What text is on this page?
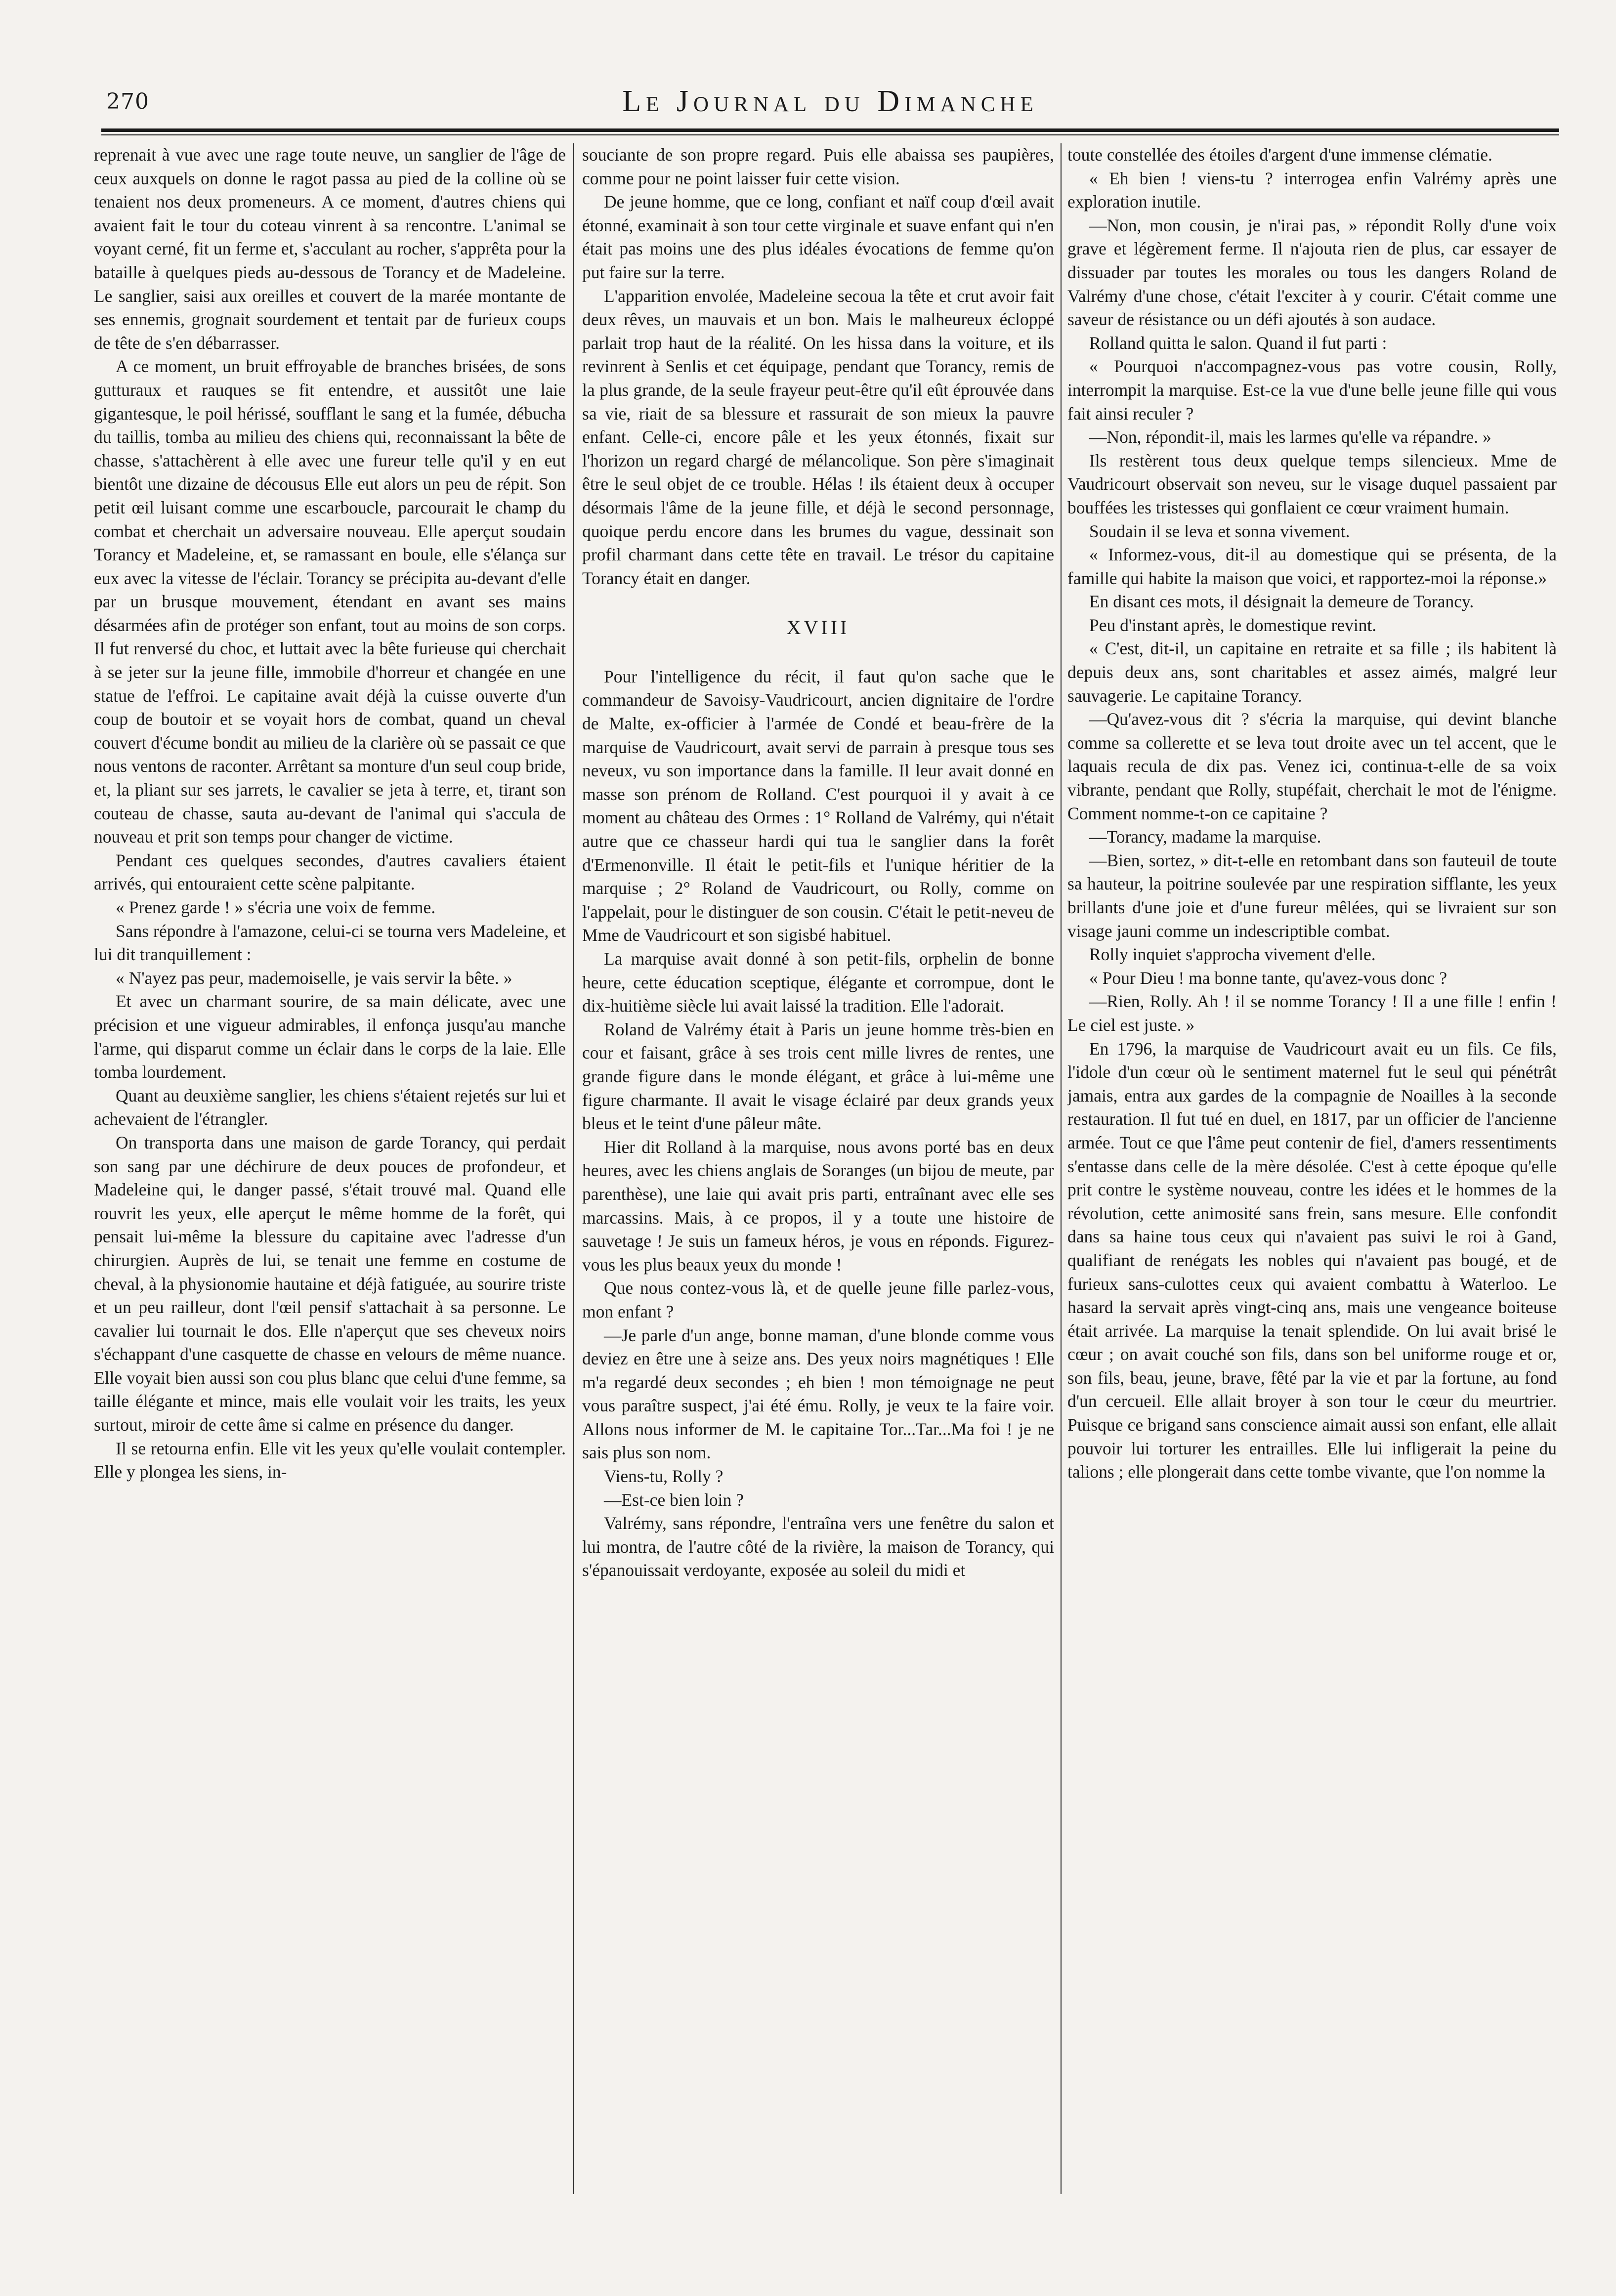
270	Le Journal du Dimanche

reprenait à vue avec une rage toute neuve, un sanglier de l'âge de ceux auxquels on donne le ragot passa au pied de la colline où se tenaient nos deux promeneurs. A ce moment, d'autres chiens qui avaient fait le tour du coteau vinrent à sa rencontre. L'animal se voyant cerné, fit un ferme et, s'acculant au rocher, s'apprêta pour la bataille à quelques pieds au-dessous de Torancy et de Madeleine. Le sanglier, saisi aux oreilles et couvert de la marée montante de ses ennemis, grognait sourdement et tentait par de furieux coups de tête de s'en débarrasser.

A ce moment, un bruit effroyable de branches brisées, de sons gutturaux et rauques se fit entendre, et aussitôt une laie gigantesque, le poil hérissé, soufflant le sang et la fumée, débucha du taillis, tomba au milieu des chiens qui, reconnaissant la bête de chasse, s'attachèrent à elle avec une fureur telle qu'il y en eut bientôt une dizaine de décousus Elle eut alors un peu de répit. Son petit œil luisant comme une escarboucle, parcourait le champ du combat et cherchait un adversaire nouveau. Elle aperçut soudain Torancy et Madeleine, et, se ramassant en boule, elle s'élança sur eux avec la vitesse de l'éclair. Torancy se précipita au-devant d'elle par un brusque mouvement, étendant en avant ses mains désarmées afin de protéger son enfant, tout au moins de son corps. Il fut renversé du choc, et luttait avec la bête furieuse qui cherchait à se jeter sur la jeune fille, immobile d'horreur et changée en une statue de l'effroi. Le capitaine avait déjà la cuisse ouverte d'un coup de boutoir et se voyait hors de combat, quand un cheval couvert d'écume bondit au milieu de la clarière où se passait ce que nous ventons de raconter. Arrêtant sa monture d'un seul coup bride, et, la pliant sur ses jarrets, le cavalier se jeta à terre, et, tirant son couteau de chasse, sauta au-devant de l'animal qui s'accula de nouveau et prit son temps pour changer de victime.

Pendant ces quelques secondes, d'autres cavaliers étaient arrivés, qui entouraient cette scène palpitante.

« Prenez garde ! » s'écria une voix de femme.

Sans répondre à l'amazone, celui-ci se tourna vers Madeleine, et lui dit tranquillement :

« N'ayez pas peur, mademoiselle, je vais servir la bête. »

Et avec un charmant sourire, de sa main délicate, avec une précision et une vigueur admirables, il enfonça jusqu'au manche l'arme, qui disparut comme un éclair dans le corps de la laie. Elle tomba lourdement.

Quant au deuxième sanglier, les chiens s'étaient rejetés sur lui et achevaient de l'étrangler.

On transporta dans une maison de garde Torancy, qui perdait son sang par une déchirure de deux pouces de profondeur, et Madeleine qui, le danger passé, s'était trouvé mal. Quand elle rouvrit les yeux, elle aperçut le même homme de la forêt, qui pensait lui-même la blessure du capitaine avec l'adresse d'un chirurgien. Auprès de lui, se tenait une femme en costume de cheval, à la physionomie hautaine et déjà fatiguée, au sourire triste et un peu railleur, dont l'œil pensif s'attachait à sa personne. Le cavalier lui tournait le dos. Elle n'aperçut que ses cheveux noirs s'échappant d'une casquette de chasse en velours de même nuance. Elle voyait bien aussi son cou plus blanc que celui d'une femme, sa taille élégante et mince, mais elle voulait voir les traits, les yeux surtout, miroir de cette âme si calme en présence du danger.

Il se retourna enfin. Elle vit les yeux qu'elle voulait contempler. Elle y plongea les siens, in-

souciante de son propre regard. Puis elle abaissa ses paupières, comme pour ne point laisser fuir cette vision.

De jeune homme, que ce long, confiant et naïf coup d'œil avait étonné, examinait à son tour cette virginale et suave enfant qui n'en était pas moins une des plus idéales évocations de femme qu'on put faire sur la terre.

L'apparition envolée, Madeleine secoua la tête et crut avoir fait deux rêves, un mauvais et un bon. Mais le malheureux écloppé parlait trop haut de la réalité. On les hissa dans la voiture, et ils revinrent à Senlis et cet équipage, pendant que Torancy, remis de la plus grande, de la seule frayeur peut-être qu'il eût éprouvée dans sa vie, riait de sa blessure et rassurait de son mieux la pauvre enfant. Celle-ci, encore pâle et les yeux étonnés, fixait sur l'horizon un regard chargé de mélancolique. Son père s'imaginait être le seul objet de ce trouble. Hélas ! ils étaient deux à occuper désormais l'âme de la jeune fille, et déjà le second personnage, quoique perdu encore dans les brumes du vague, dessinait son profil charmant dans cette tête en travail. Le trésor du capitaine Torancy était en danger.

XVIII

Pour l'intelligence du récit, il faut qu'on sache que le commandeur de Savoisy-Vaudricourt, ancien dignitaire de l'ordre de Malte, ex-officier à l'armée de Condé et beau-frère de la marquise de Vaudricourt, avait servi de parrain à presque tous ses neveux, vu son importance dans la famille. Il leur avait donné en masse son prénom de Rolland. C'est pourquoi il y avait à ce moment au château des Ormes : 1° Rolland de Valrémy, qui n'était autre que ce chasseur hardi qui tua le sanglier dans la forêt d'Ermenonville. Il était le petit-fils et l'unique héritier de la marquise ; 2° Roland de Vaudricourt, ou Rolly, comme on l'appelait, pour le distinguer de son cousin. C'était le petit-neveu de Mme de Vaudricourt et son sigisbé habituel.

La marquise avait donné à son petit-fils, orphelin de bonne heure, cette éducation sceptique, élégante et corrompue, dont le dix-huitième siècle lui avait laissé la tradition. Elle l'adorait.

Roland de Valrémy était à Paris un jeune homme très-bien en cour et faisant, grâce à ses trois cent mille livres de rentes, une grande figure dans le monde élégant, et grâce à lui-même une figure charmante. Il avait le visage éclairé par deux grands yeux bleus et le teint d'une pâleur mâte.

Hier dit Rolland à la marquise, nous avons porté bas en deux heures, avec les chiens anglais de Soranges (un bijou de meute, par parenthèse), une laie qui avait pris parti, entraînant avec elle ses marcassins. Mais, à ce propos, il y a toute une histoire de sauvetage ! Je suis un fameux héros, je vous en réponds. Figurez-vous les plus beaux yeux du monde !

Que nous contez-vous là, et de quelle jeune fille parlez-vous, mon enfant ?

—Je parle d'un ange, bonne maman, d'une blonde comme vous deviez en être une à seize ans. Des yeux noirs magnétiques ! Elle m'a regardé deux secondes ; eh bien ! mon témoignage ne peut vous paraître suspect, j'ai été ému. Rolly, je veux te la faire voir. Allons nous informer de M. le capitaine Tor...Tar...Ma foi ! je ne sais plus son nom.

Viens-tu, Rolly ?

—Est-ce bien loin ?

Valrémy, sans répondre, l'entraîna vers une fenêtre du salon et lui montra, de l'autre côté de la rivière, la maison de Torancy, qui s'épanouissait verdoyante, exposée au soleil du midi et

toute constellée des étoiles d'argent d'une immense clématie.

« Eh bien ! viens-tu ? interrogea enfin Valrémy après une exploration inutile.

—Non, mon cousin, je n'irai pas, » répondit Rolly d'une voix grave et légèrement ferme. Il n'ajouta rien de plus, car essayer de dissuader par toutes les morales ou tous les dangers Roland de Valrémy d'une chose, c'était l'exciter à y courir. C'était comme une saveur de résistance ou un défi ajoutés à son audace.

Rolland quitta le salon. Quand il fut parti :

« Pourquoi n'accompagnez-vous pas votre cousin, Rolly, interrompit la marquise. Est-ce la vue d'une belle jeune fille qui vous fait ainsi reculer ?

—Non, répondit-il, mais les larmes qu'elle va répandre. »

Ils restèrent tous deux quelque temps silencieux. Mme de Vaudricourt observait son neveu, sur le visage duquel passaient par bouffées les tristesses qui gonflaient ce cœur vraiment humain.

Soudain il se leva et sonna vivement.

« Informez-vous, dit-il au domestique qui se présenta, de la famille qui habite la maison que voici, et rapportez-moi la réponse.»

En disant ces mots, il désignait la demeure de Torancy.

Peu d'instant après, le domestique revint.

« C'est, dit-il, un capitaine en retraite et sa fille ; ils habitent là depuis deux ans, sont charitables et assez aimés, malgré leur sauvagerie. Le capitaine Torancy.

—Qu'avez-vous dit ? s'écria la marquise, qui devint blanche comme sa collerette et se leva tout droite avec un tel accent, que le laquais recula de dix pas. Venez ici, continua-t-elle de sa voix vibrante, pendant que Rolly, stupéfait, cherchait le mot de l'énigme. Comment nomme-t-on ce capitaine ?

—Torancy, madame la marquise.

—Bien, sortez, » dit-t-elle en retombant dans son fauteuil de toute sa hauteur, la poitrine soulevée par une respiration sifflante, les yeux brillants d'une joie et d'une fureur mêlées, qui se livraient sur son visage jauni comme un indescriptible combat.

Rolly inquiet s'approcha vivement d'elle.

« Pour Dieu ! ma bonne tante, qu'avez-vous donc ?

—Rien, Rolly. Ah ! il se nomme Torancy ! Il a une fille ! enfin ! Le ciel est juste. »

En 1796, la marquise de Vaudricourt avait eu un fils. Ce fils, l'idole d'un cœur où le sentiment maternel fut le seul qui pénétrât jamais, entra aux gardes de la compagnie de Noailles à la seconde restauration. Il fut tué en duel, en 1817, par un officier de l'ancienne armée. Tout ce que l'âme peut contenir de fiel, d'amers ressentiments s'entasse dans celle de la mère désolée. C'est à cette époque qu'elle prit contre le système nouveau, contre les idées et le hommes de la révolution, cette animosité sans frein, sans mesure. Elle confondit dans sa haine tous ceux qui n'avaient pas suivi le roi à Gand, qualifiant de renégats les nobles qui n'avaient pas bougé, et de furieux sans-culottes ceux qui avaient combattu à Waterloo. Le hasard la servait après vingt-cinq ans, mais une vengeance boiteuse était arrivée. La marquise la tenait splendide. On lui avait brisé le cœur ; on avait couché son fils, dans son bel uniforme rouge et or, son fils, beau, jeune, brave, fêté par la vie et par la fortune, au fond d'un cercueil. Elle allait broyer à son tour le cœur du meurtrier. Puisque ce brigand sans conscience aimait aussi son enfant, elle allait pouvoir lui torturer les entrailles. Elle lui infligerait la peine du talions ; elle plongerait dans cette tombe vivante, que l'on nomme la
